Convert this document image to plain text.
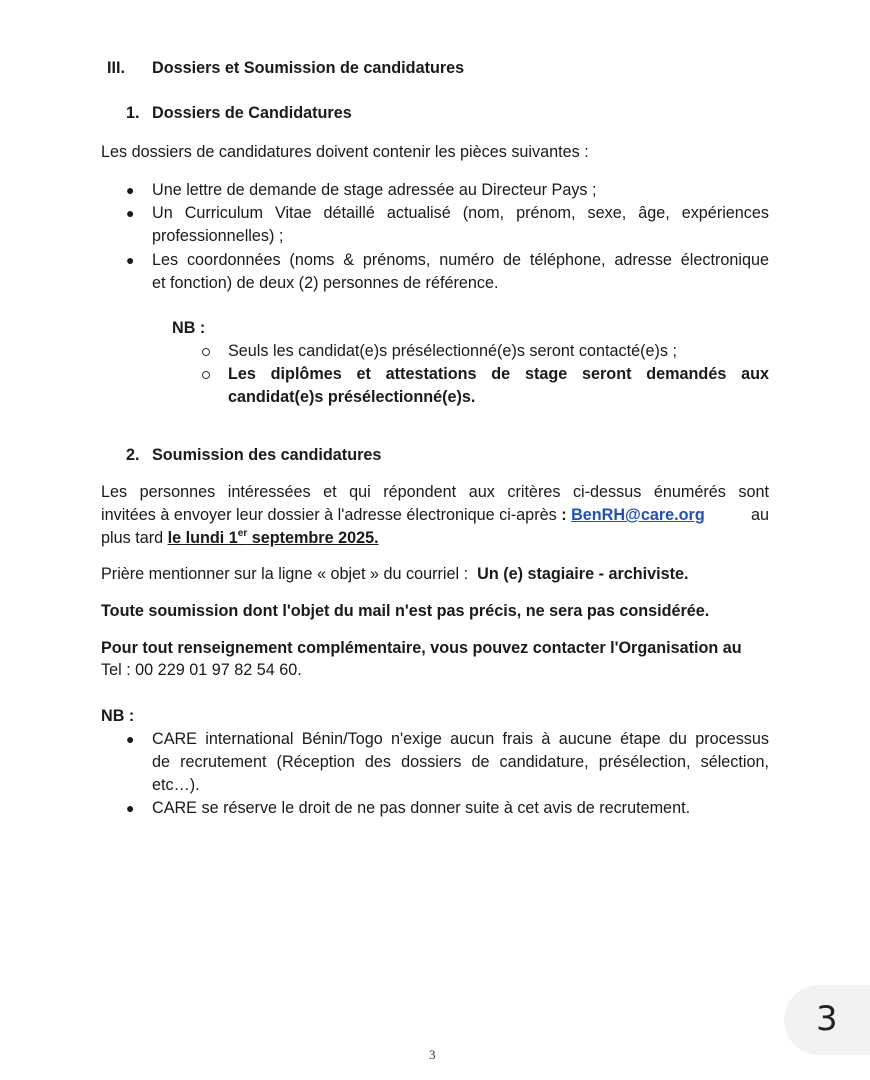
III. Dossiers et Soumission de candidatures
1. Dossiers de Candidatures
Les dossiers de candidatures doivent contenir les pièces suivantes :
● Une lettre de demande de stage adressée au Directeur Pays ;
● Un Curriculum Vitae détaillé actualisé (nom, prénom, sexe, âge, expériences
professionnelles) ;
● Les coordonnées (noms & prénoms, numéro de téléphone, adresse électronique
et fonction) de deux (2) personnes de référence.
NB :
Seuls les candidat(e)s présélectionné(e)s seront contacté(e)s ;
Les diplômes et attestations de stage seront demandés aux
candidat(e)s présélectionné(e)s.
2. Soumission des candidatures
Les personnes intéressées et qui répondent aux critères ci-dessus énumérés sont
invitées à envoyer leur dossier à l'adresse électronique ci-après : BenRH@care.org	au
plus tard le lundi 1er septembre 2025.
Prière mentionner sur la ligne « objet » du courriel : Un (e) stagiaire - archiviste.
Toute soumission dont l'objet du mail n'est pas précis, ne sera pas considérée.
Pour tout renseignement complémentaire, vous pouvez contacter l'Organisation au
Tel : 00 229 01 97 82 54 60.
NB :
● CARE international Bénin/Togo n'exige aucun frais à aucune étape du processus
de recrutement (Réception des dossiers de candidature, présélection, sélection,
etc…).
● CARE se réserve le droit de ne pas donner suite à cet avis de recrutement.
3
3
